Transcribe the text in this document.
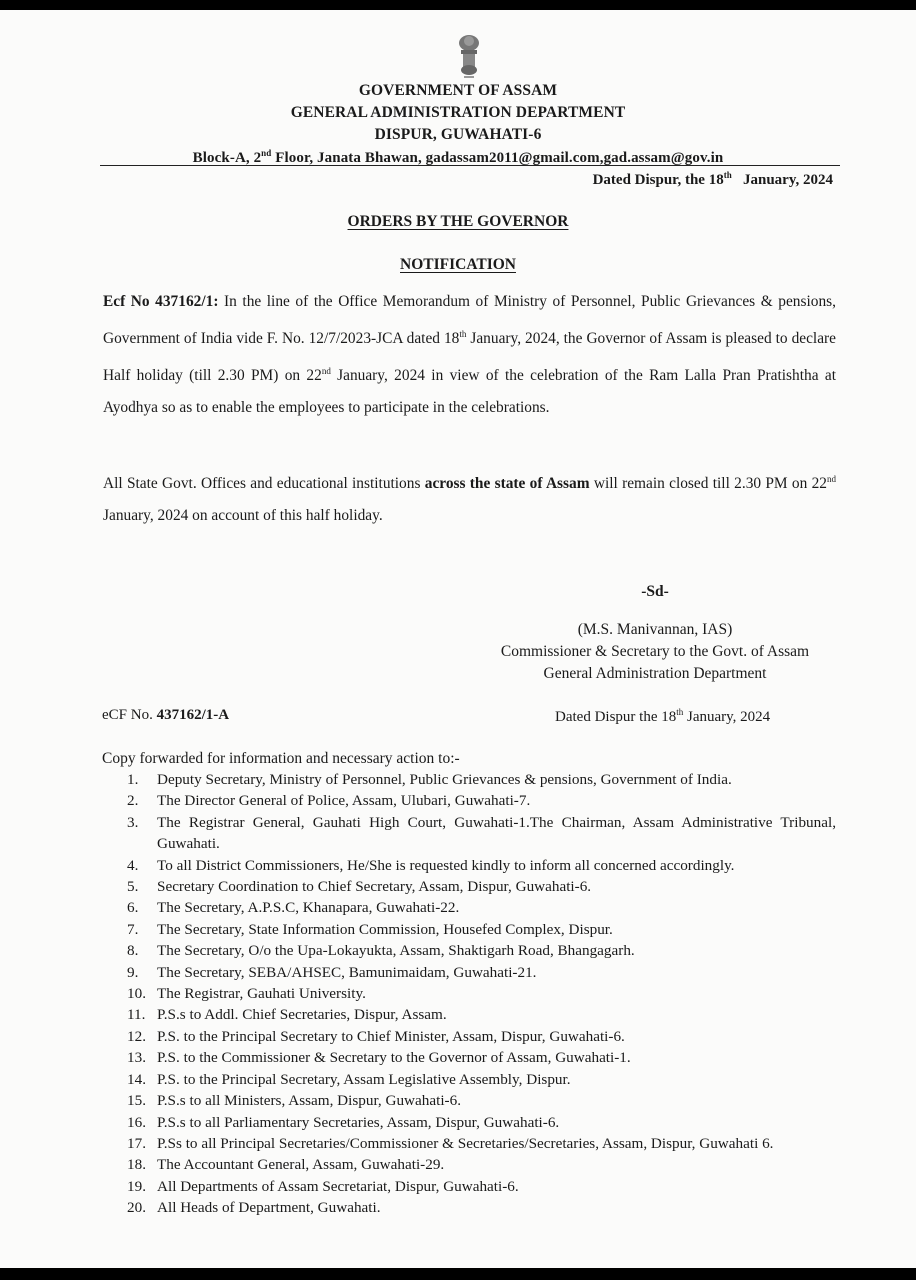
GOVERNMENT OF ASSAM
GENERAL ADMINISTRATION DEPARTMENT
DISPUR, GUWAHATI-6
Block-A, 2nd Floor, Janata Bhawan, gadassam2011@gmail.com,gad.assam@gov.in
Dated Dispur, the 18th   January, 2024
ORDERS BY THE GOVERNOR
NOTIFICATION

Ecf No 437162/1: In the line of the Office Memorandum of Ministry of Personnel, Public Grievances & pensions, Government of India vide F. No. 12/7/2023-JCA dated 18th January, 2024, the Governor of Assam is pleased to declare Half holiday (till 2.30 PM) on 22nd January, 2024 in view of the celebration of the Ram Lalla Pran Pratishtha at Ayodhya so as to enable the employees to participate in the celebrations.

All State Govt. Offices and educational institutions across the state of Assam will remain closed till 2.30 PM on 22nd January, 2024 on account of this half holiday.

-Sd-
(M.S. Manivannan, IAS)
Commissioner & Secretary to the Govt. of Assam
General Administration Department
eCF No. 437162/1-A	Dated Dispur the 18th January, 2024
Copy forwarded for information and necessary action to:-
1. Deputy Secretary, Ministry of Personnel, Public Grievances & pensions, Government of India.
2. The Director General of Police, Assam, Ulubari, Guwahati-7.
3. The Registrar General, Gauhati High Court, Guwahati-1.The Chairman, Assam Administrative Tribunal, Guwahati.
4. To all District Commissioners, He/She is requested kindly to inform all concerned accordingly.
5. Secretary Coordination to Chief Secretary, Assam, Dispur, Guwahati-6.
6. The Secretary, A.P.S.C, Khanapara, Guwahati-22.
7. The Secretary, State Information Commission, Housefed Complex, Dispur.
8. The Secretary, O/o the Upa-Lokayukta, Assam, Shaktigarh Road, Bhangagarh.
9. The Secretary, SEBA/AHSEC, Bamunimaidam, Guwahati-21.
10. The Registrar, Gauhati University.
11. P.S.s to Addl. Chief Secretaries, Dispur, Assam.
12. P.S. to the Principal Secretary to Chief Minister, Assam, Dispur, Guwahati-6.
13. P.S. to the Commissioner & Secretary to the Governor of Assam, Guwahati-1.
14. P.S. to the Principal Secretary, Assam Legislative Assembly, Dispur.
15. P.S.s to all Ministers, Assam, Dispur, Guwahati-6.
16. P.S.s to all Parliamentary Secretaries, Assam, Dispur, Guwahati-6.
17. P.Ss to all Principal Secretaries/Commissioner & Secretaries/Secretaries, Assam, Dispur, Guwahati 6.
18. The Accountant General, Assam, Guwahati-29.
19. All Departments of Assam Secretariat, Dispur, Guwahati-6.
20. All Heads of Department, Guwahati.
